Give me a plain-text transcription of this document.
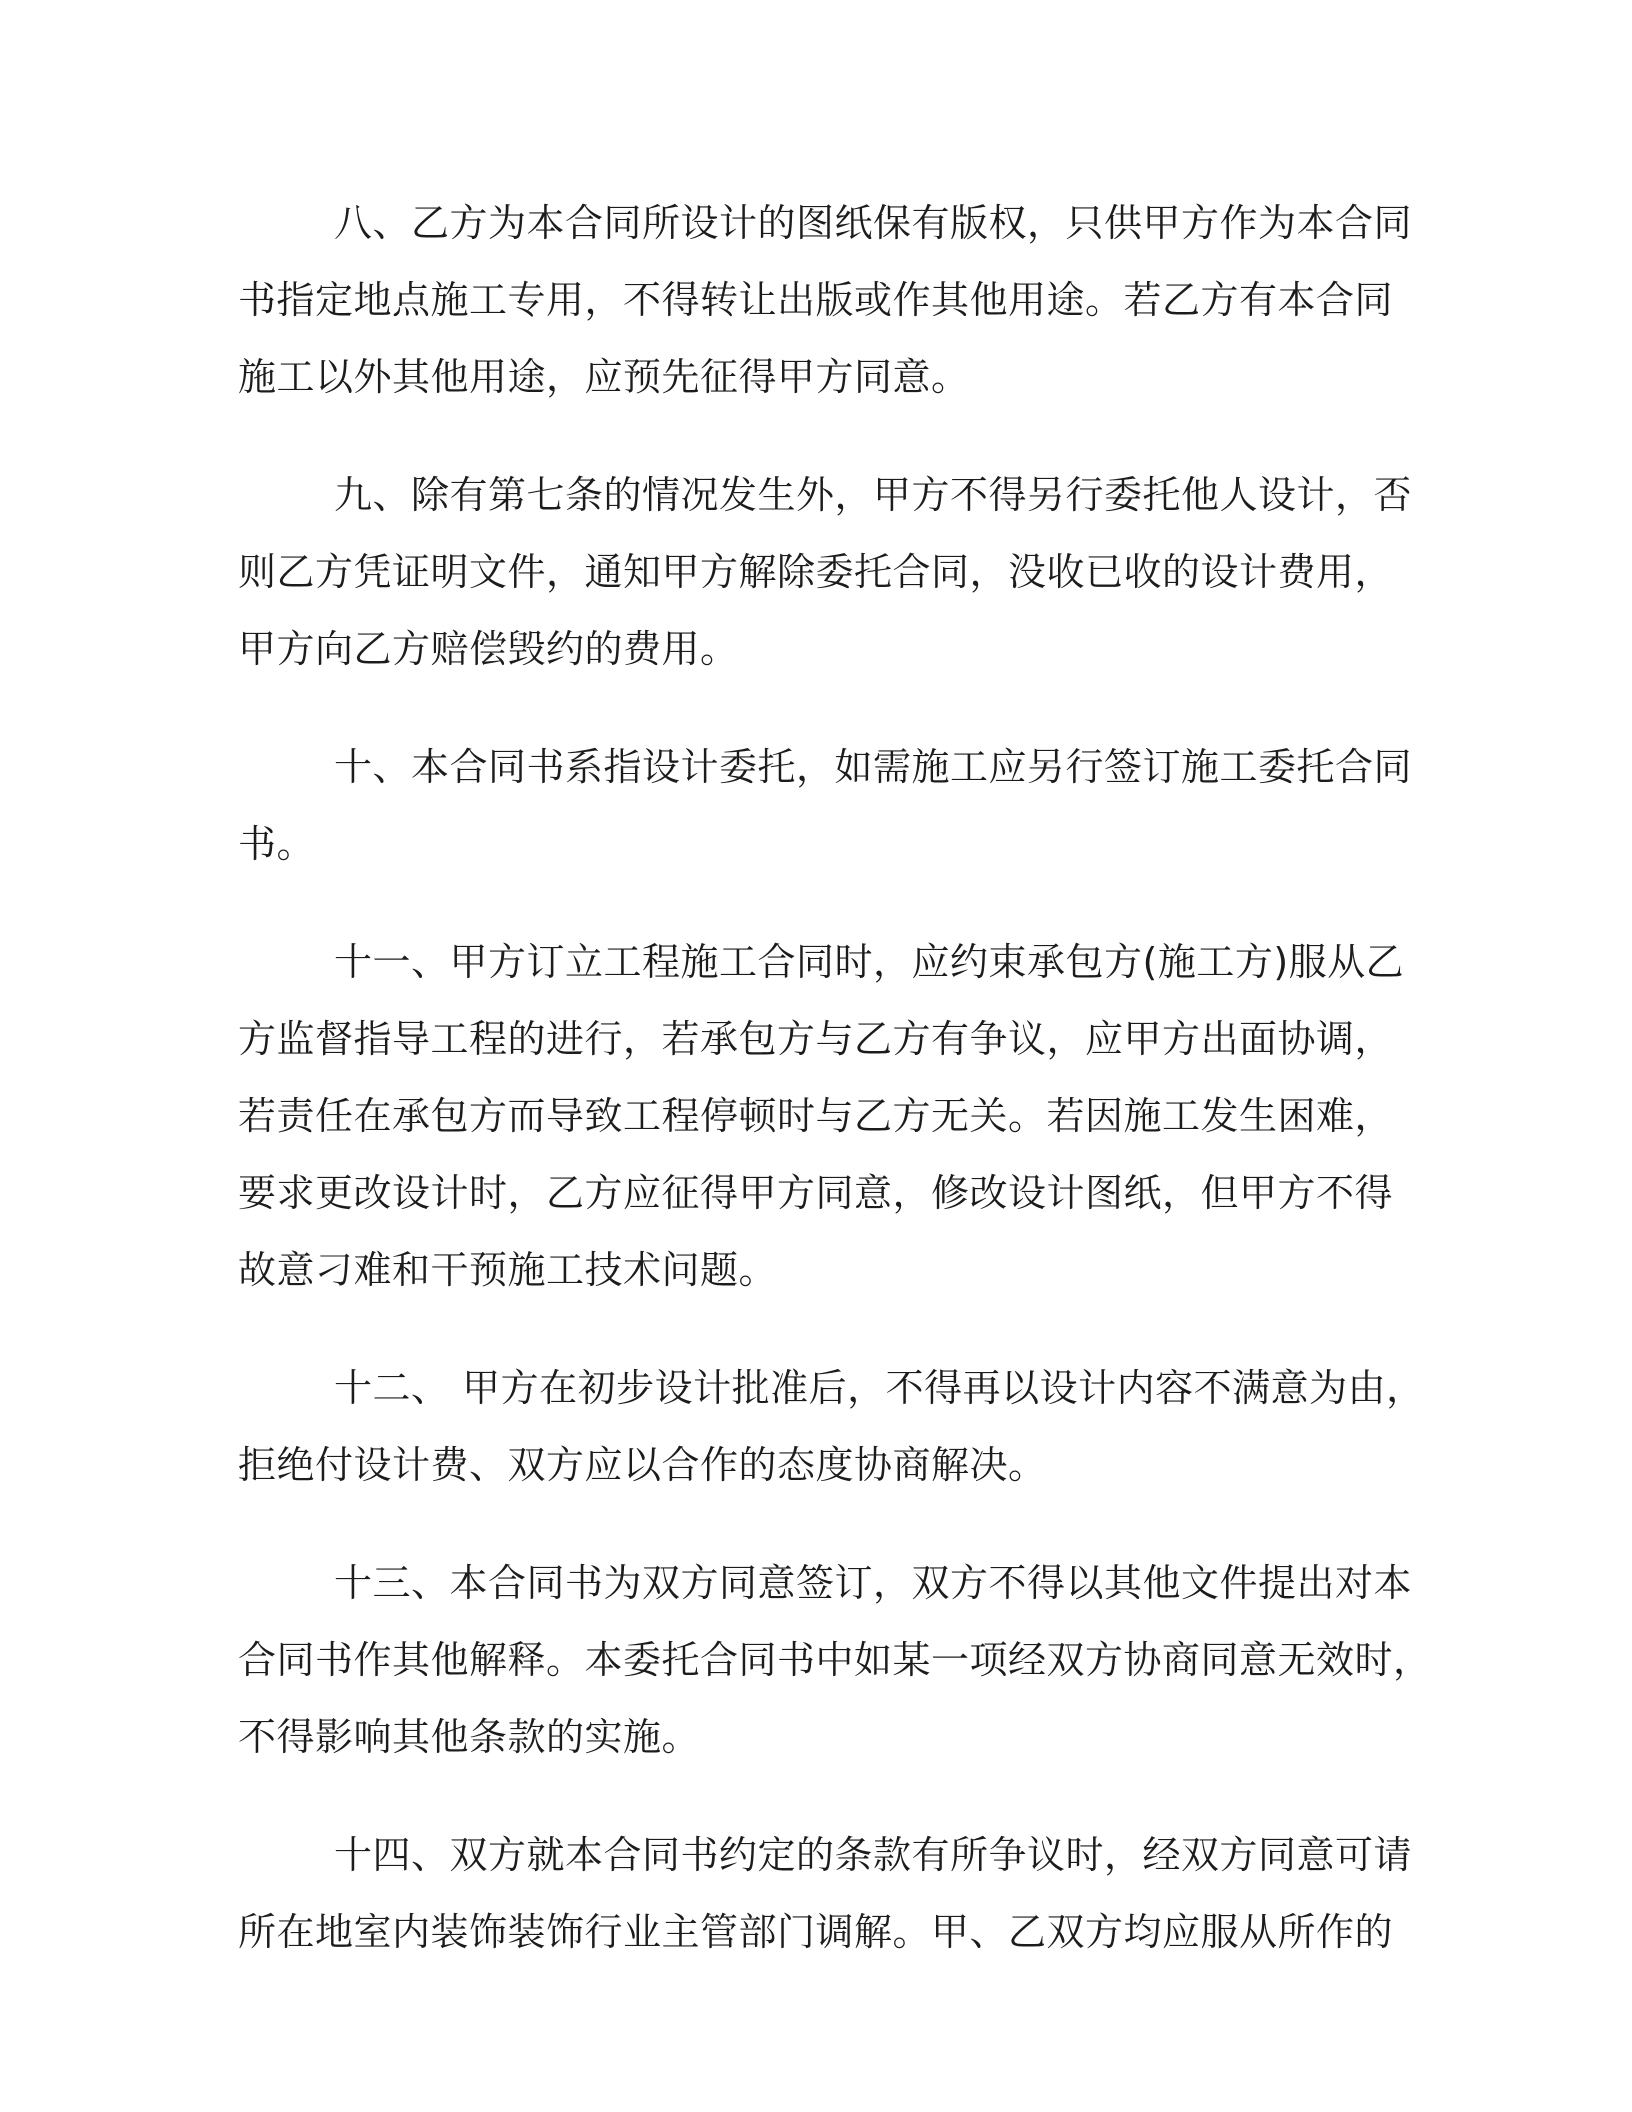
八、乙方为本合同所设计的图纸保有版权，只供甲方作为本合同
书指定地点施工专用，不得转让出版或作其他用途。若乙方有本合同
施工以外其他用途，应预先征得甲方同意。
九、除有第七条的情况发生外，甲方不得另行委托他人设计，否
则乙方凭证明文件，通知甲方解除委托合同，没收已收的设计费用，
甲方向乙方赔偿毁约的费用。
十、本合同书系指设计委托，如需施工应另行签订施工委托合同
书。
十一、甲方订立工程施工合同时，应约束承包方(施工方)服从乙
方监督指导工程的进行，若承包方与乙方有争议，应甲方出面协调，
若责任在承包方而导致工程停顿时与乙方无关。若因施工发生困难，
要求更改设计时，乙方应征得甲方同意，修改设计图纸，但甲方不得
故意刁难和干预施工技术问题。
十二、 甲方在初步设计批准后，不得再以设计内容不满意为由，
拒绝付设计费、双方应以合作的态度协商解决。
十三、本合同书为双方同意签订，双方不得以其他文件提出对本
合同书作其他解释。本委托合同书中如某一项经双方协商同意无效时，
不得影响其他条款的实施。
十四、双方就本合同书约定的条款有所争议时，经双方同意可请
所在地室内装饰装饰行业主管部门调解。甲、乙双方均应服从所作的
